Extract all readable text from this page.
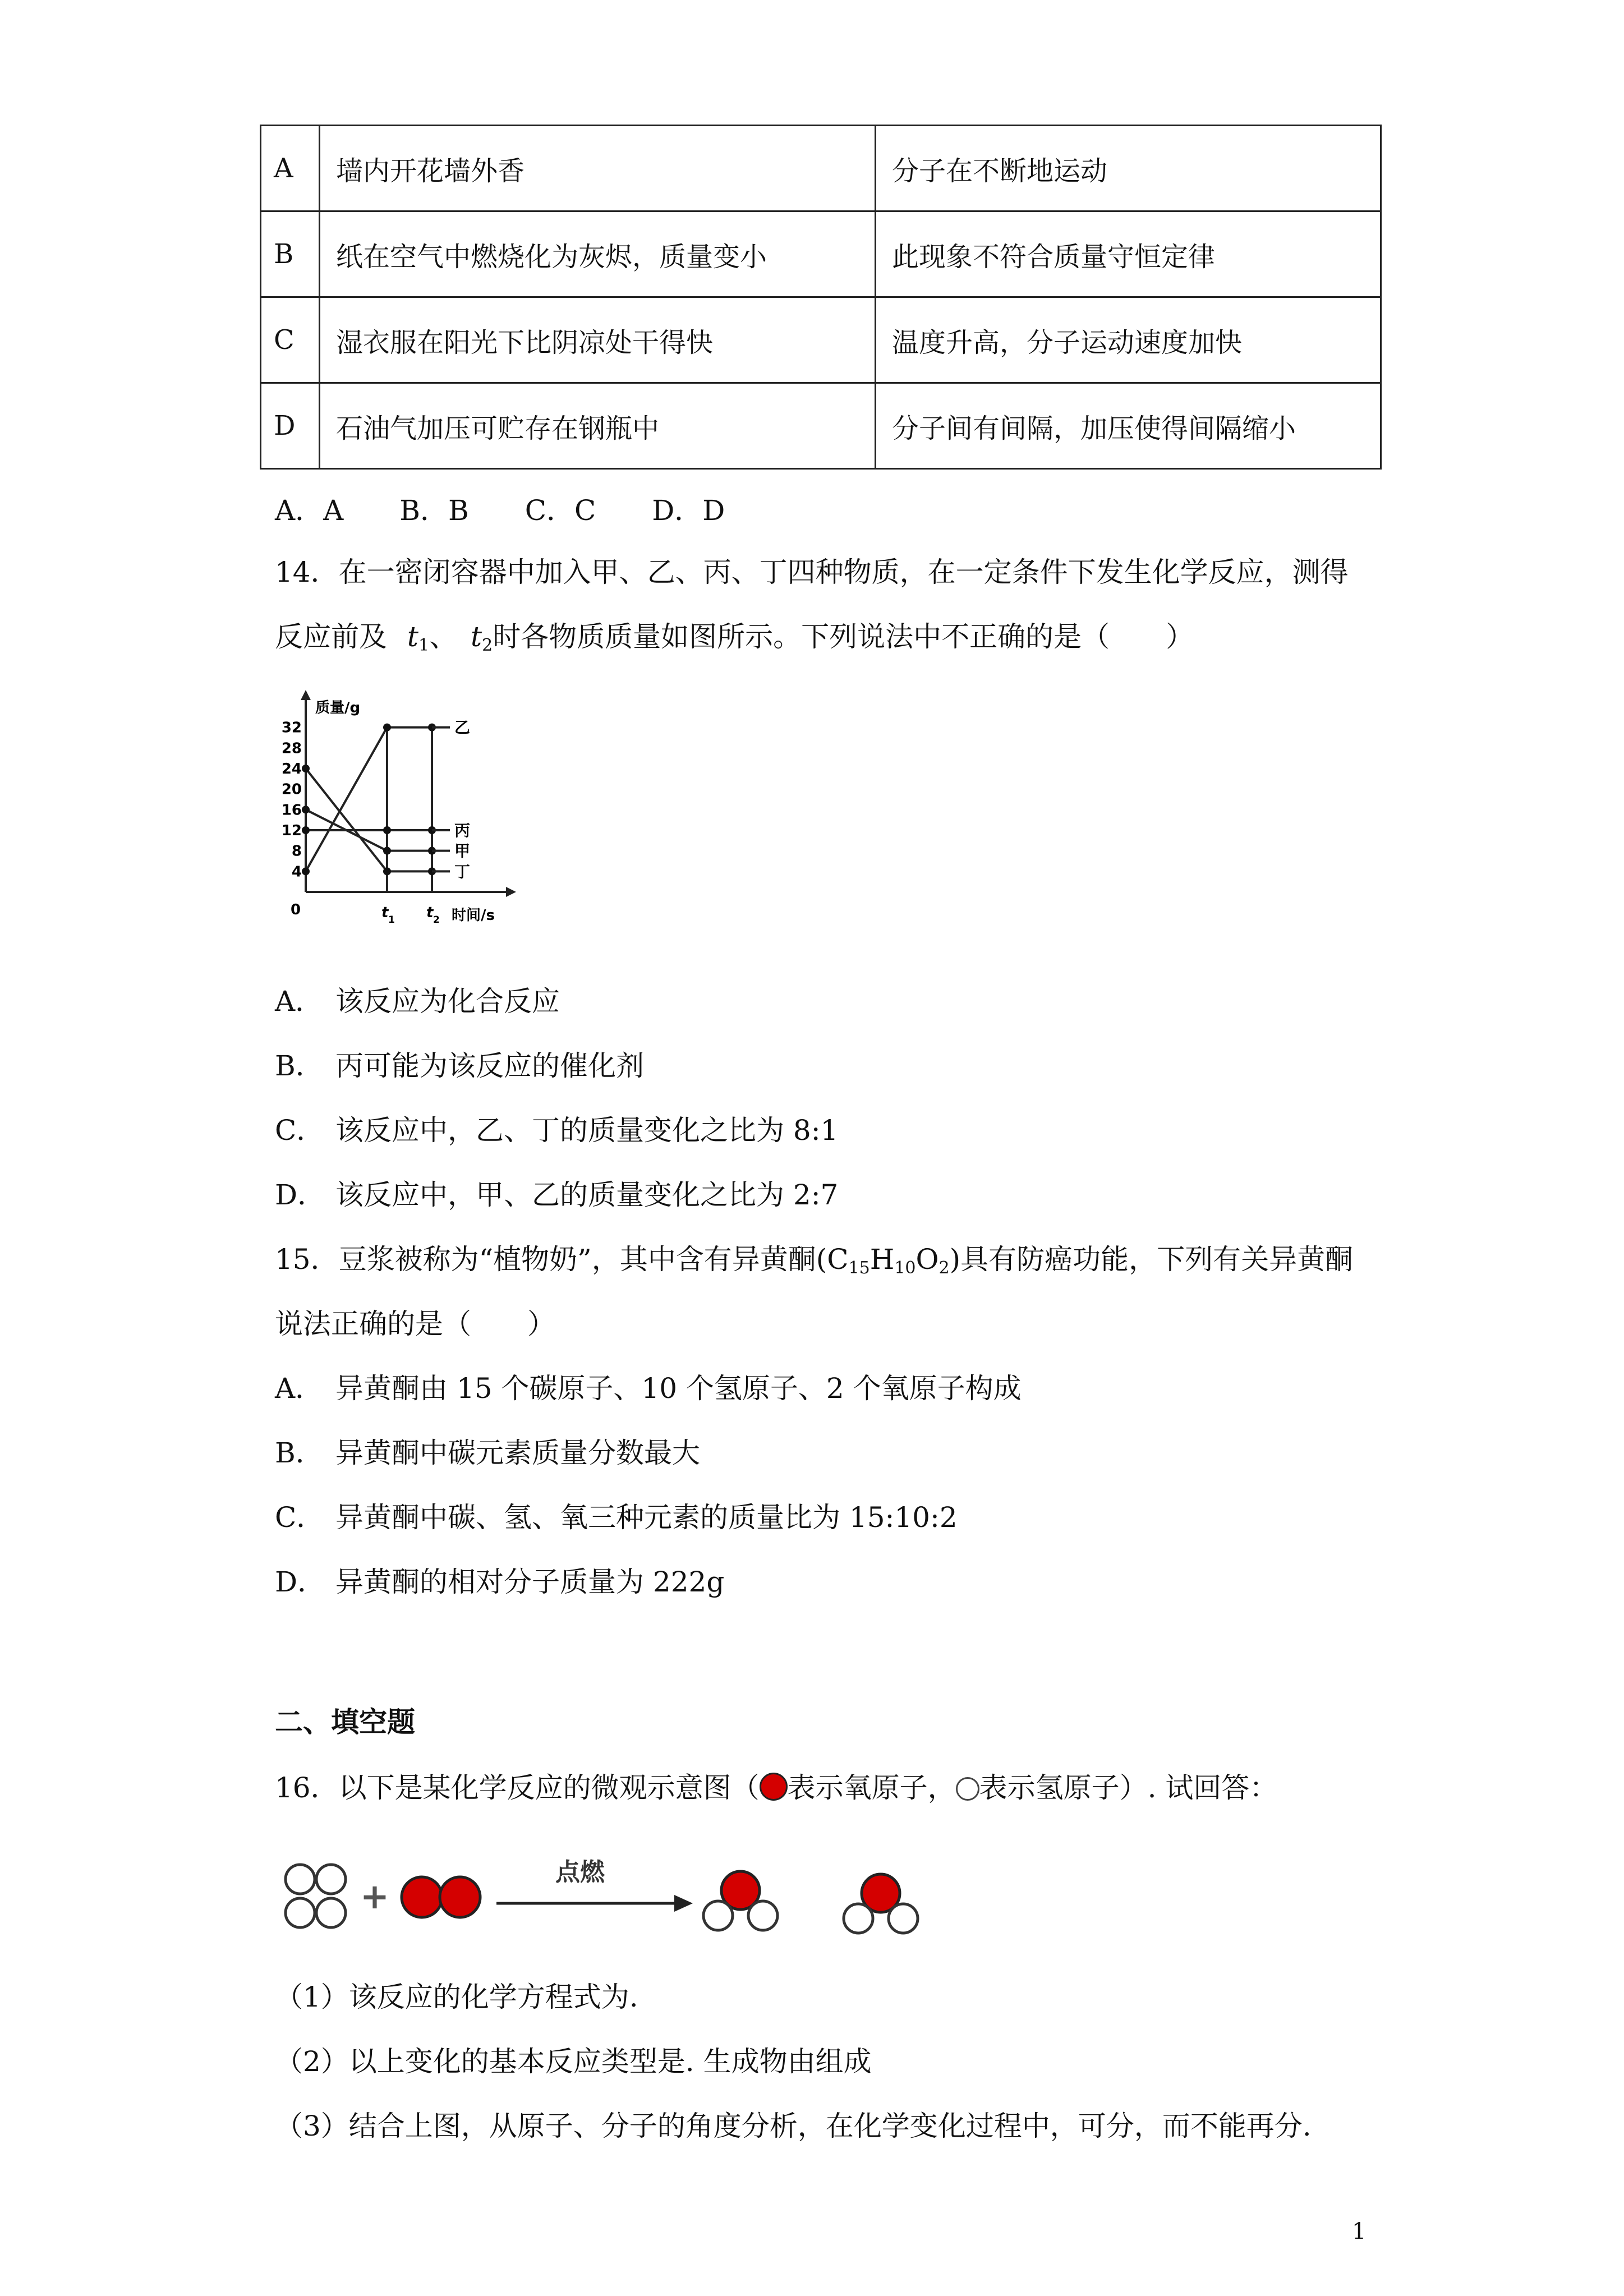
A	墙内开花墙外香	分子在不断地运动
B	纸在空气中燃烧化为灰烬，质量变小	此现象不符合质量守恒定律
C	湿衣服在阳光下比阴凉处干得快	温度升高，分子运动速度加快
D	石油气加压可贮存在钢瓶中	分子间有间隔，加压使得间隔缩小
A．A　　B．B　　C．C　　D．D
14．在一密闭容器中加入甲、乙、丙、丁四种物质，在一定条件下发生化学反应，测得
反应前及 $t_1$、 $t_2$时各物质质量如图所示。下列说法中不正确的是（　　）
质量/g
0	时间/s
4
8
12
16
20
24
28
32
t 1 t 2
乙
丙
甲
丁
A． 该反应为化合反应
B． 丙可能为该反应的催化剂
C． 该反应中，乙、丁的质量变化之比为 8:1
D． 该反应中，甲、乙的质量变化之比为 2:7
15．豆浆被称为“植物奶”，其中含有异黄酮$(C_{15}H_{10}O_2)$具有防癌功能，下列有关异黄酮
说法正确的是（　　）
A． 异黄酮由 15 个碳原子、10 个氢原子、2 个氧原子构成
B． 异黄酮中碳元素质量分数最大
C． 异黄酮中碳、氢、氧三种元素的质量比为 15:10:2
D． 异黄酮的相对分子质量为 222g
二、填空题
16．以下是某化学反应的微观示意图（ 表示氧原子， 表示氢原子）. 试回答：
+
点燃
（1）该反应的化学方程式为.
（2）以上变化的基本反应类型是. 生成物由组成
（3）结合上图，从原子、分子的角度分析，在化学变化过程中，可分，而不能再分.
1
